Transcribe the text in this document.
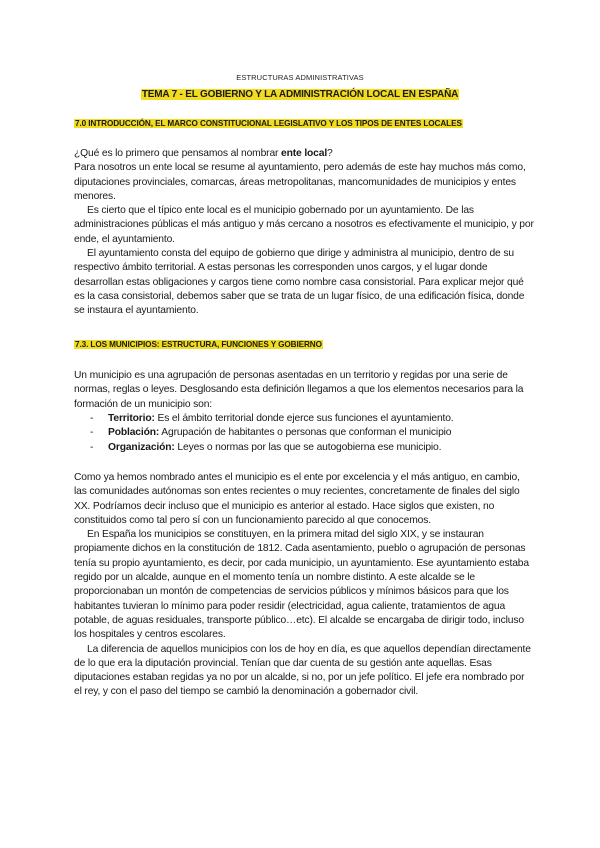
ESTRUCTURAS ADMINISTRATIVAS
TEMA 7 - EL GOBIERNO Y LA ADMINISTRACIÓN LOCAL EN ESPAÑA
7.0 INTRODUCCIÓN, EL MARCO CONSTITUCIONAL LEGISLATIVO Y LOS TIPOS DE ENTES LOCALES

¿Qué es lo primero que pensamos al nombrar ente local?

Para nosotros un ente local se resume al ayuntamiento, pero además de este hay muchos más como, diputaciones provinciales, comarcas, áreas metropolitanas, mancomunidades de municipios y entes menores.

Es cierto que el típico ente local es el municipio gobernado por un ayuntamiento. De las administraciones públicas el más antiguo y más cercano a nosotros es efectivamente el municipio, y por ende, el ayuntamiento.

El ayuntamiento consta del equipo de gobierno que dirige y administra al municipio, dentro de su respectivo ámbito territorial. A estas personas les corresponden unos cargos, y el lugar donde desarrollan estas obligaciones y cargos tiene como nombre casa consistorial. Para explicar mejor qué es la casa consistorial, debemos saber que se trata de un lugar físico, de una edificación física, donde se instaura el ayuntamiento.

7.3. LOS MUNICIPIOS: ESTRUCTURA, FUNCIONES Y GOBIERNO

Un municipio es una agrupación de personas asentadas en un territorio y regidas por una serie de normas, reglas o leyes. Desglosando esta definición llegamos a que los elementos necesarios para la formación de un municipio son:

- Territorio: Es el ámbito territorial donde ejerce sus funciones el ayuntamiento.
- Población: Agrupación de habitantes o personas que conforman el municipio
- Organización: Leyes o normas por las que se autogobierna ese municipio.

Como ya hemos nombrado antes el municipio es el ente por excelencia y el más antiguo, en cambio, las comunidades autónomas son entes recientes o muy recientes, concretamente de finales del siglo XX. Podríamos decir incluso que el municipio es anterior al estado. Hace siglos que existen, no constituidos como tal pero sí con un funcionamiento parecido al que conocemos.

En España los municipios se constituyen, en la primera mitad del siglo XIX, y se instauran propiamente dichos en la constitución de 1812. Cada asentamiento, pueblo o agrupación de personas tenía su propio ayuntamiento, es decir, por cada municipio, un ayuntamiento. Ese ayuntamiento estaba regido por un alcalde, aunque en el momento tenía un nombre distinto. A este alcalde se le proporcionaban un montón de competencias de servicios públicos y mínimos básicos para que los habitantes tuvieran lo mínimo para poder residir (electricidad, agua caliente, tratamientos de agua potable, de aguas residuales, transporte público…etc). El alcalde se encargaba de dirigir todo, incluso los hospitales y centros escolares.

La diferencia de aquellos municipios con los de hoy en día, es que aquellos dependían directamente de lo que era la diputación provincial. Tenían que dar cuenta de su gestión ante aquellas. Esas diputaciones estaban regidas ya no por un alcalde, si no, por un jefe político. El jefe era nombrado por el rey, y con el paso del tiempo se cambió la denominación a gobernador civil.
